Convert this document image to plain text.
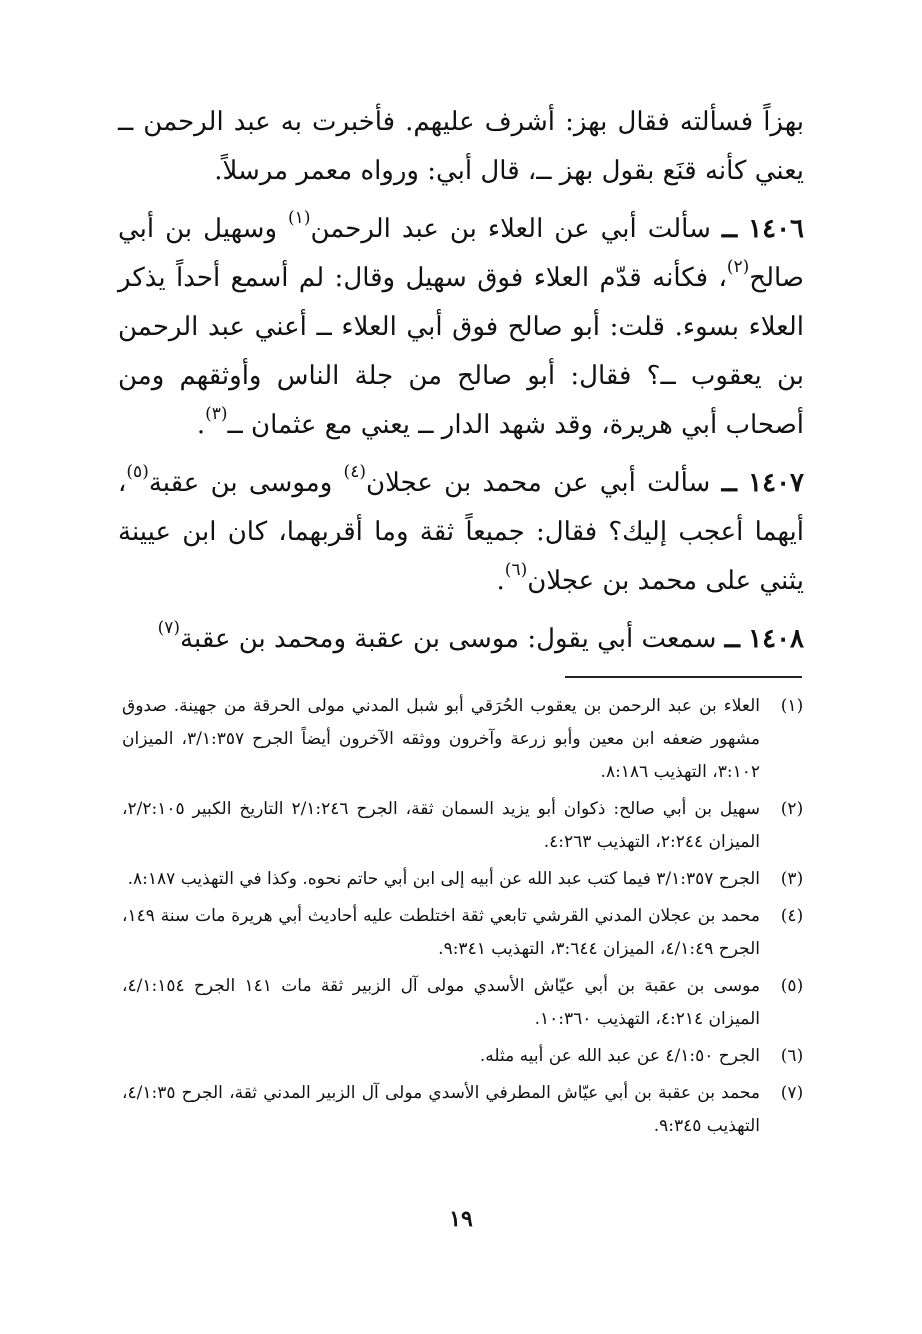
بهزاً فسألته فقال بهز: أشرف عليهم. فأخبرت به عبد الرحمن ــ يعني كأنه قنَع بقول بهز ــ، قال أبي: ورواه معمر مرسلاً.

١٤٠٦ ــ سألت أبي عن العلاء بن عبد الرحمن$^{(١)}$ وسهيل بن أبي صالح$^{(٢)}$، فكأنه قدّم العلاء فوق سهيل وقال: لم أسمع أحداً يذكر العلاء بسوء. قلت: أبو صالح فوق أبي العلاء ــ أعني عبد الرحمن بن يعقوب ــ؟ فقال: أبو صالح من جلة الناس وأوثقهم ومن أصحاب أبي هريرة، وقد شهد الدار ــ يعني مع عثمان ــ$^{(٣)}$.

١٤٠٧ ــ سألت أبي عن محمد بن عجلان$^{(٤)}$ وموسى بن عقبة$^{(٥)}$، أيهما أعجب إليك؟ فقال: جميعاً ثقة وما أقربهما، كان ابن عيينة يثني على محمد بن عجلان$^{(٦)}$.

١٤٠٨ ــ سمعت أبي يقول: موسى بن عقبة ومحمد بن عقبة$^{(٧)}$

(١)
العلاء بن عبد الرحمن بن يعقوب الحُرَقي أبو شبل المدني مولى الحرقة من جهينة. صدوق مشهور ضعفه ابن معين وأبو زرعة وآخرون ووثقه الآخرون أيضاً الجرح ٣/١:٣٥٧، الميزان ٣:١٠٢، التهذيب ٨:١٨٦.
(٢)
سهيل بن أبي صالح: ذكوان أبو يزيد السمان ثقة، الجرح ٢/١:٢٤٦ التاريخ الكبير ٢/٢:١٠٥، الميزان ٢:٢٤٤، التهذيب ٤:٢٦٣.
(٣)
الجرح ٣/١:٣٥٧ فيما كتب عبد الله عن أبيه إلى ابن أبي حاتم نحوه. وكذا في التهذيب ٨:١٨٧.
(٤)
محمد بن عجلان المدني القرشي تابعي ثقة اختلطت عليه أحاديث أبي هريرة مات سنة ١٤٩، الجرح ٤/١:٤٩، الميزان ٣:٦٤٤، التهذيب ٩:٣٤١.
(٥)
موسى بن عقبة بن أبي عيّاش الأسدي مولى آل الزبير ثقة مات ١٤١ الجرح ٤/١:١٥٤، الميزان ٤:٢١٤، التهذيب ١٠:٣٦٠.
(٦)
الجرح ٤/١:٥٠ عن عبد الله عن أبيه مثله.
(٧)
محمد بن عقبة بن أبي عيّاش المطرفي الأسدي مولى آل الزبير المدني ثقة، الجرح ٤/١:٣٥، التهذيب ٩:٣٤٥.
١٩
